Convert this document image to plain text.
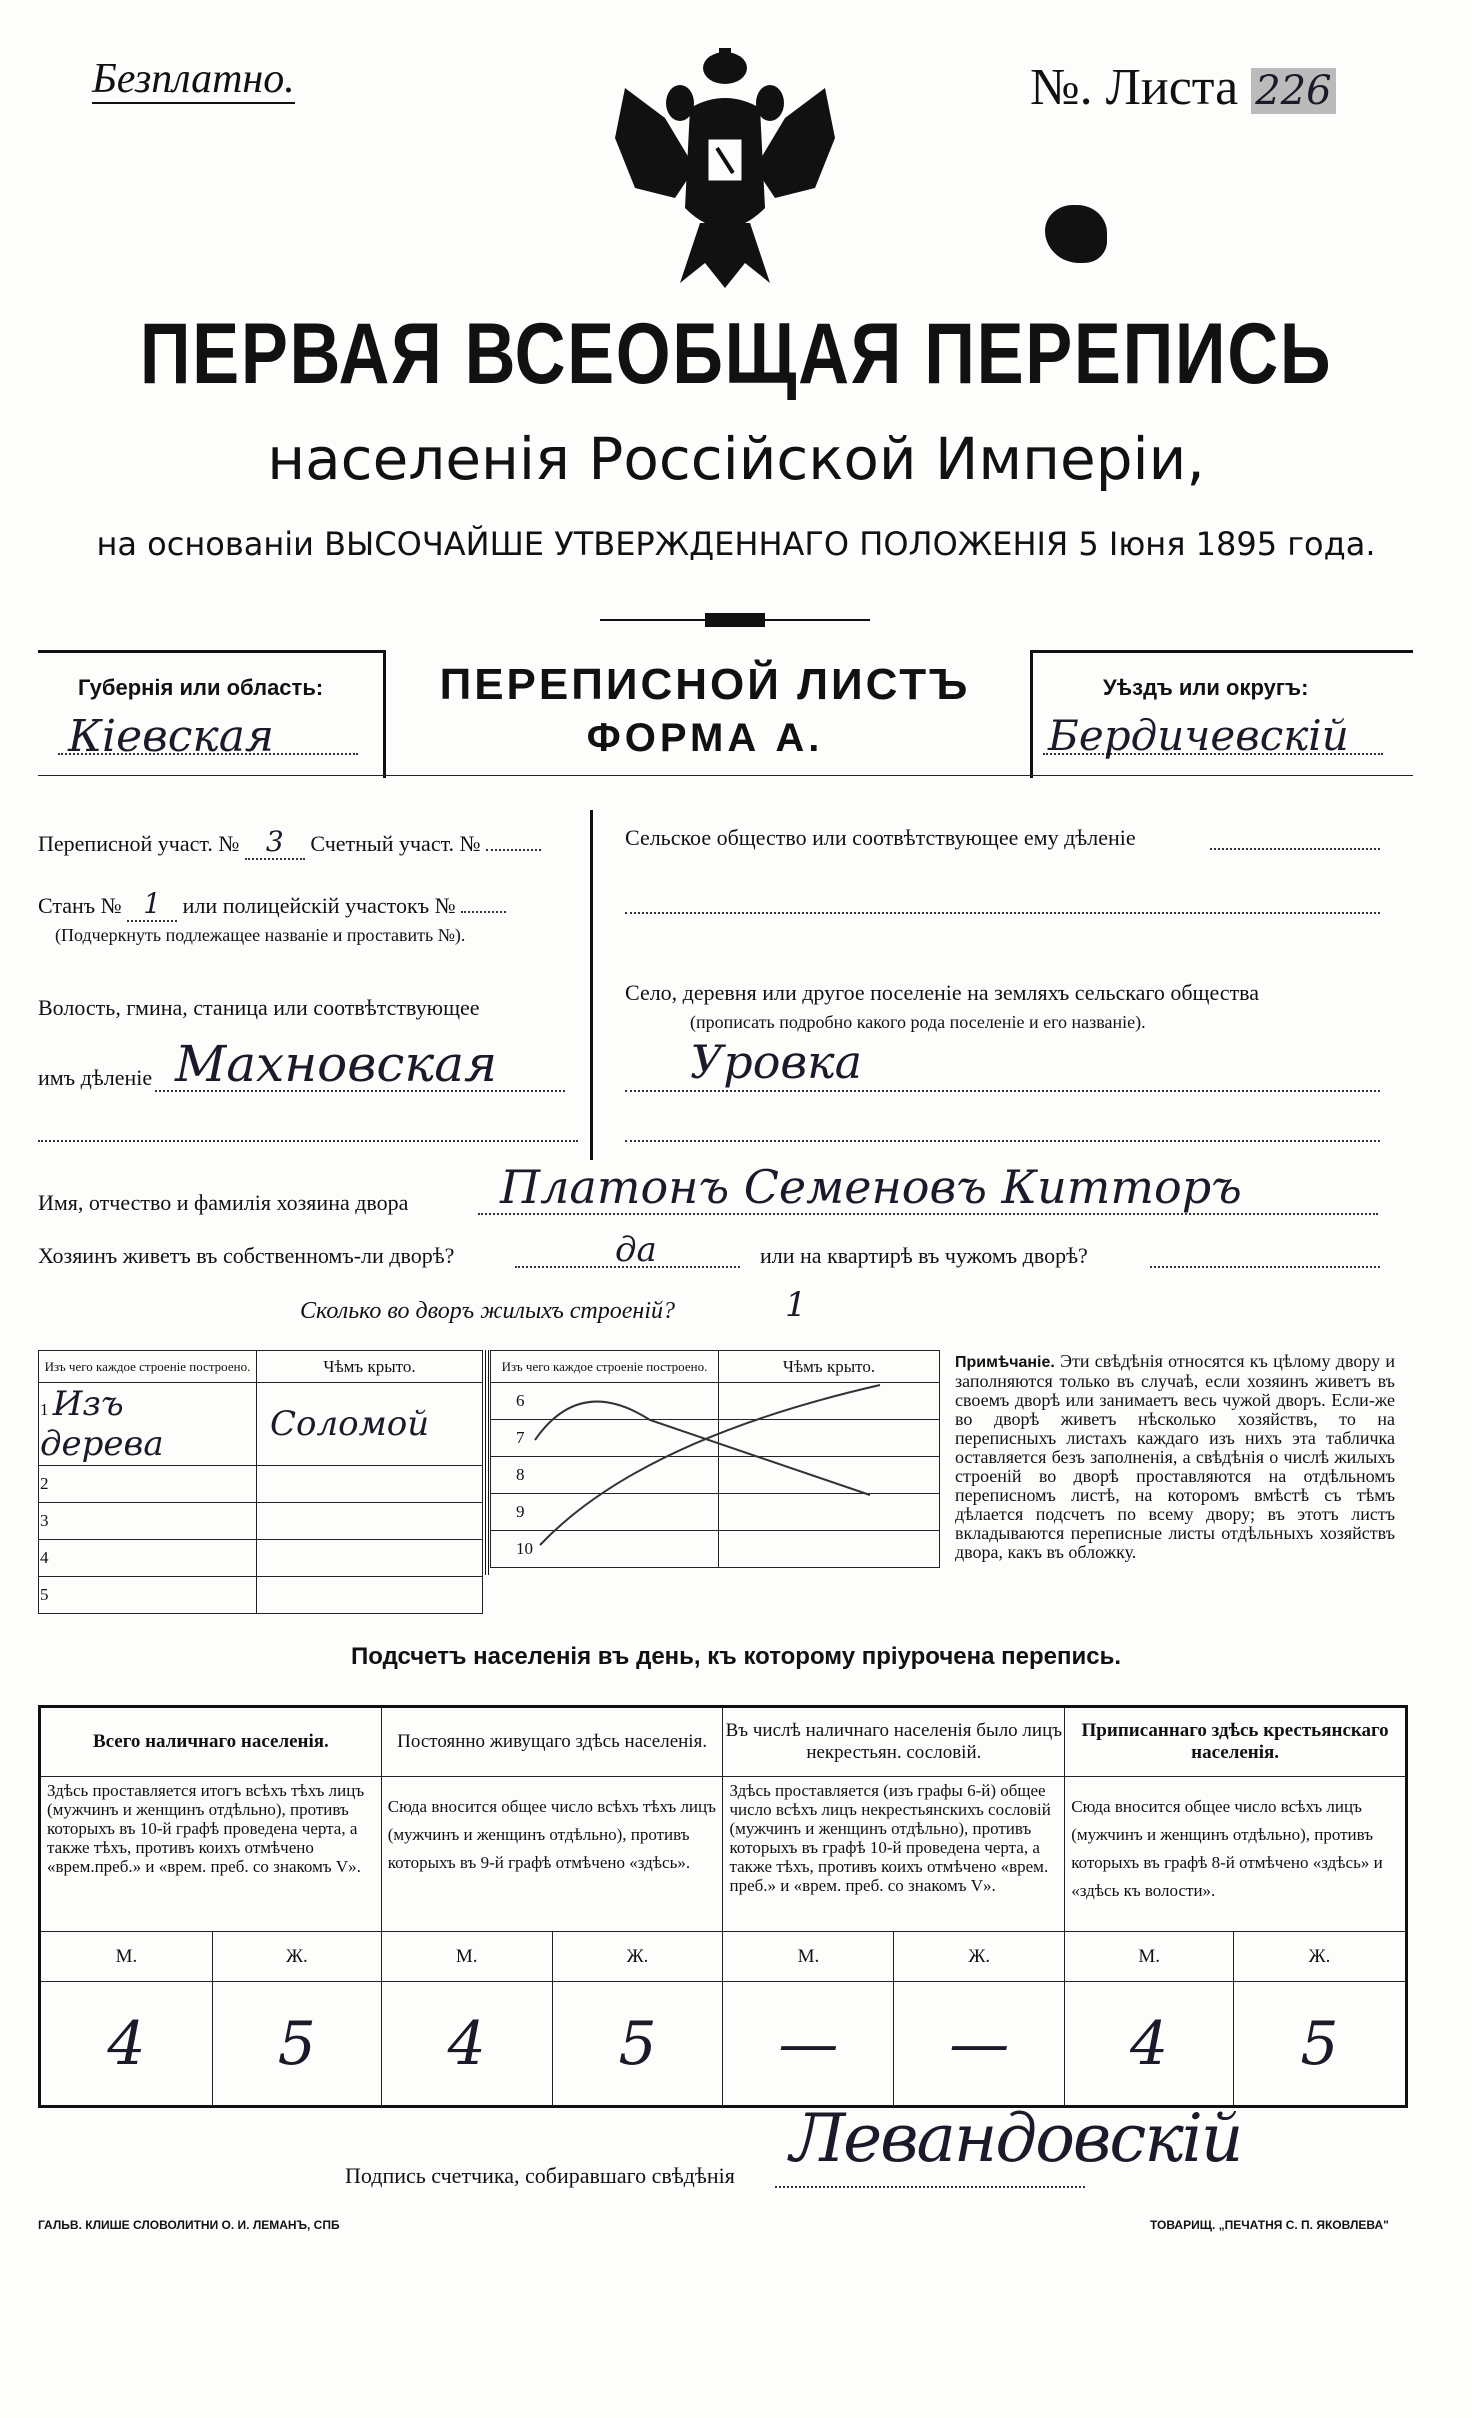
Безплатно.	№. Листа 226
ПЕРВАЯ ВСЕОБЩАЯ ПЕРЕПИСЬ
населенія Россійской Имперіи,
на основаніи ВЫСОЧАЙШЕ УТВЕРЖДЕННАГО ПОЛОЖЕНІЯ 5 Іюня 1895 года.
Губернія или область:
Кіевская
ПЕРЕПИСНОЙ ЛИСТЪ
ФОРМА А.
Уѣздъ или округъ:
Бердичевскій
Переписной участ. № 3 Счетный участ. №
Станъ № 1 или полицейскій участокъ №
(Подчеркнуть подлежащее названіе и проставить №).
Волость, гмина, станица или соотвѣтствующее
имъ дѣленіе Махновская
Сельское общество или соотвѣтствующее ему дѣленіе
Село, деревня или другое поселеніе на земляхъ сельскаго общества
(прописать подробно какого рода поселеніе и его названіе).
Уровка
Имя, отчество и фамилія хозяина двора Платонъ Семеновъ Китторъ
Хозяинъ живетъ въ собственномъ-ли дворѣ?	да	или на квартирѣ въ чужомъ дворѣ?
Сколько во дворъ жилыхъ строеній?	1
Изъ чего каждое строеніе построено.	Чѣмъ крыто.
1 Изъ дерева	Соломой
2	
3	
4	
5	
Изъ чего каждое строеніе построено.	Чѣмъ крыто.
6	
7	
8	
9	
10	
Примѣчаніе. Эти свѣдѣнія относятся къ цѣлому двору и заполняются только въ случаѣ, если хозяинъ живетъ въ своемъ дворѣ или занимаетъ весь чужой дворъ. Если-же во дворѣ живетъ нѣсколько хозяйствъ, то на переписныхъ листахъ каждаго изъ нихъ эта табличка оставляется безъ заполненія, а свѣдѣнія о числѣ жилыхъ строеній во дворѣ проставляются на отдѣльномъ переписномъ листѣ, на которомъ вмѣстѣ съ тѣмъ дѣлается подсчетъ по всему двору; въ этотъ листъ вкладываются переписные листы отдѣльныхъ хозяйствъ двора, какъ въ обложку.
Подсчетъ населенія въ день, къ которому пріурочена перепись.
Всего наличнаго населенія.		Постоянно живущаго здѣсь населенія.		Въ числѣ наличнаго населенія было лицъ некрестьян. сословій.		Приписаннаго здѣсь крестьянскаго населенія.	
Здѣсь проставляется итогъ всѣхъ тѣхъ лицъ (мужчинъ и женщинъ отдѣльно), противъ которыхъ въ 10-й графѣ проведена черта, а также тѣхъ, противъ коихъ отмѣчено «врем.преб.» и «врем. преб. со знакомъ V».		Сюда вносится общее число всѣхъ тѣхъ лицъ (мужчинъ и женщинъ отдѣльно), противъ которыхъ въ 9-й графѣ отмѣчено «здѣсь».		Здѣсь проставляется (изъ графы 6-й) общее число всѣхъ лицъ некрестьянскихъ сословій (мужчинъ и женщинъ отдѣльно), противъ которыхъ въ графѣ 10-й проведена черта, а также тѣхъ, противъ коихъ отмѣчено «врем. преб.» и «врем. преб. со знакомъ V».		Сюда вносится общее число всѣхъ лицъ (мужчинъ и женщинъ отдѣльно), противъ которыхъ въ графѣ 8-й отмѣчено «здѣсь» и «здѣсь къ волости».	
М.	Ж.	М.	Ж.	М.	Ж.	М.	Ж.
4	5	4	5	—	—	4	5
Подпись счетчика, собиравшаго свѣдѣнія Левандовскій
ГАЛЬВ. КЛИШЕ СЛОВОЛИТНИ О. И. ЛЕМАНЪ, СПБ	ТОВАРИЩ. „ПЕЧАТНЯ С. П. ЯКОВЛЕВА"
